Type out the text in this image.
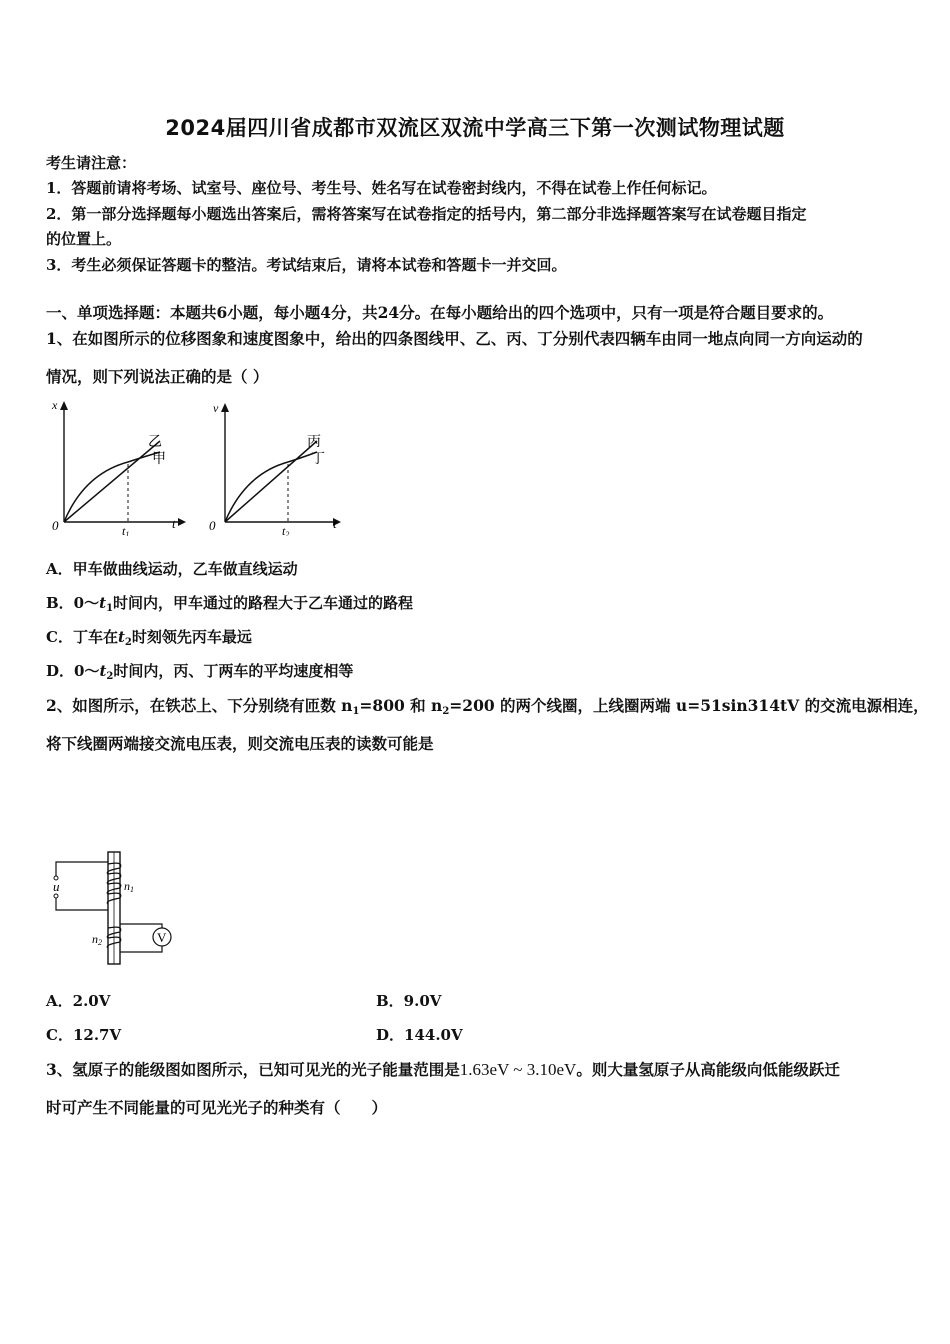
2024届四川省成都市双流区双流中学高三下第一次测试物理试题
考生请注意：
1．答题前请将考场、试室号、座位号、考生号、姓名写在试卷密封线内，不得在试卷上作任何标记。
2．第一部分选择题每小题选出答案后，需将答案写在试卷指定的括号内，第二部分非选择题答案写在试卷题目指定
的位置上。
3．考生必须保证答题卡的整洁。考试结束后，请将本试卷和答题卡一并交回。
一、单项选择题：本题共6小题，每小题4分，共24分。在每小题给出的四个选项中，只有一项是符合题目要求的。
1、在如图所示的位移图象和速度图象中，给出的四条图线甲、乙、丙、丁分别代表四辆车由同一地点向同一方向运动的
情况，则下列说法正确的是（ ）
x
t
0	t1
乙
甲
v
t
0	t2
丙
丁
A．甲车做曲线运动，乙车做直线运动
B．$0\sim t_1$时间内，甲车通过的路程大于乙车通过的路程
C．丁车在$t_2$时刻领先丙车最远
D．$0\sim t_2$时间内，丙、丁两车的平均速度相等
2、如图所示，在铁芯上、下分别绕有匝数 $n_1=800$ 和 $n_2=200$ 的两个线圈，上线圈两端 u=51sin314tV 的交流电源相连，
将下线圈两端接交流电压表，则交流电压表的读数可能是
u	n1
n2	V
A．2.0V	B．9.0V
C．12.7V	D．144.0V
3、氢原子的能级图如图所示，已知可见光的光子能量范围是1.63eV ~ 3.10eV。则大量氢原子从高能级向低能级跃迁
时可产生不同能量的可见光光子的种类有（　　）
